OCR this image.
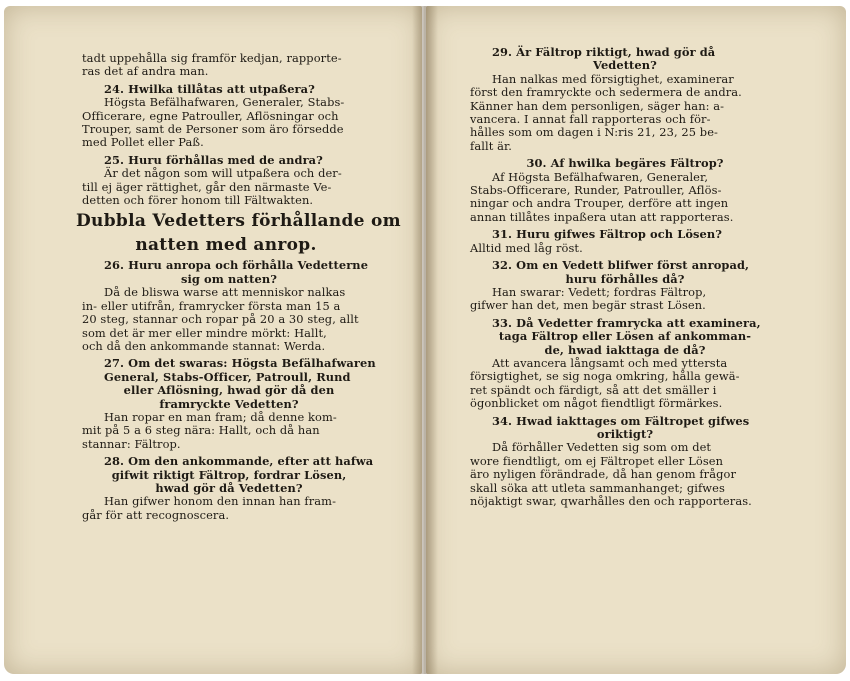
tadt uppehålla sig framför kedjan, rapporte-
ras det af andra man.
24. Hwilka tillåtas att utpaßera?
Högsta Befälhafwaren, Generaler, Stabs-
Officerare, egne Patrouller, Aflösningar och
Trouper, samt de Personer som äro försedde
med Pollet eller Paß.
25. Huru förhållas med de andra?
Är det någon som will utpaßera och der-
till ej äger rättighet, går den närmaste Ve-
detten och förer honom till Fältwakten.
Dubbla Vedetters förhållande om
natten med anrop.
26. Huru anropa och förhålla Vedetterne
sig om natten?
Då de bliswa warse att menniskor nalkas
in- eller utifrån, framrycker första man 15 a
20 steg, stannar och ropar på 20 a 30 steg, allt
som det är mer eller mindre mörkt: Hallt,
och då den ankommande stannat: Werda.
27. Om det swaras: Högsta Befälhafwaren
General, Stabs-Officer, Patroull, Rund
eller Aflösning, hwad gör då den
framryckte Vedetten?
Han ropar en man fram; då denne kom-
mit på 5 a 6 steg nära: Hallt, och då han
stannar: Fältrop.
28. Om den ankommande, efter att hafwa
gifwit riktigt Fältrop, fordrar Lösen,
hwad gör då Vedetten?
Han gifwer honom den innan han fram-
går för att recognoscera.
29. Är Fältrop riktigt, hwad gör då
Vedetten?
Han nalkas med försigtighet, examinerar
först den framryckte och sedermera de andra.
Känner han dem personligen, säger han: a-
vancera. I annat fall rapporteras och för-
hålles som om dagen i N:ris 21, 23, 25 be-
fallt är.
30. Af hwilka begäres Fältrop?
Af Högsta Befälhafwaren, Generaler,
Stabs-Officerare, Runder, Patrouller, Aflös-
ningar och andra Trouper, derföre att ingen
annan tillåtes inpaßera utan att rapporteras.
31. Huru gifwes Fältrop och Lösen?
Alltid med låg röst.
32. Om en Vedett blifwer först anropad,
huru förhålles då?
Han swarar: Vedett; fordras Fältrop,
gifwer han det, men begär strast Lösen.
33. Då Vedetter framrycka att examinera,
taga Fältrop eller Lösen af ankomman-
de, hwad iakttaga de då?
Att avancera långsamt och med yttersta
försigtighet, se sig noga omkring, hålla gewä-
ret spändt och färdigt, så att det smäller i
ögonblicket om något fiendtligt förmärkes.
34. Hwad iakttages om Fältropet gifwes
oriktigt?
Då förhåller Vedetten sig som om det
wore fiendtligt, om ej Fältropet eller Lösen
äro nyligen förändrade, då han genom frågor
skall söka att utleta sammanhanget; gifwes
nöjaktigt swar, qwarhålles den och rapporteras.
